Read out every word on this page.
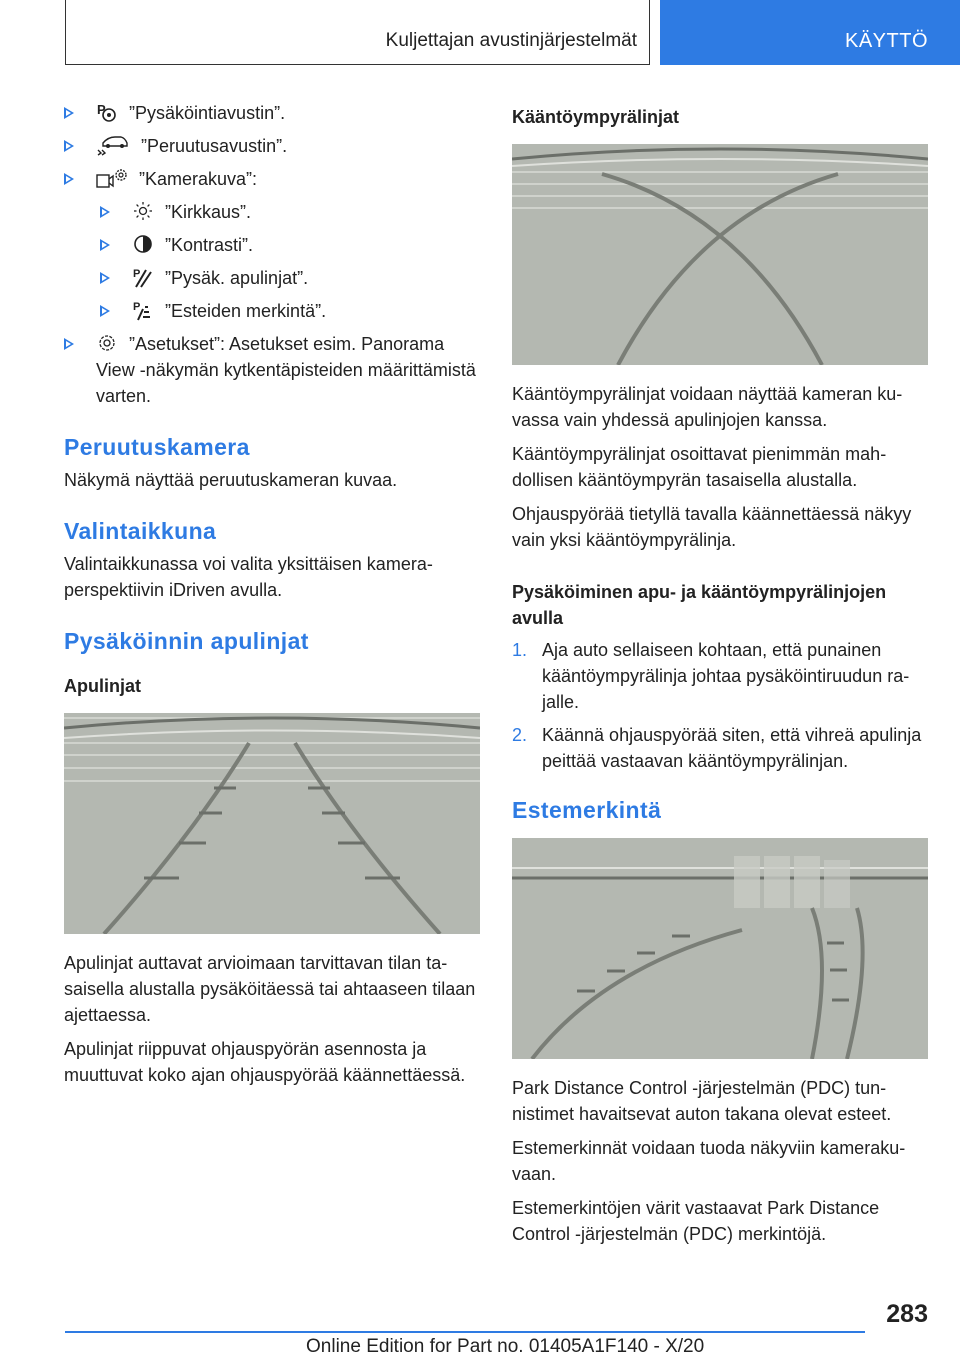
Kuljettajan avustinjärjestelmät	KÄYTTÖ
P ”Pysäköintiavustin”.
”Peruutusavustin”.
”Kamerakuva”:
”Kirkkaus”.
”Kontrasti”.
P ”Pysäk. apulinjat”.
P ”Esteiden merkintä”.
”Asetukset”: Asetukset esim. Panorama View -näkymän kytkentäpisteiden määrittämistä varten.
Peruutuskamera

Näkymä näyttää peruutuskameran kuvaa.

Valintaikkuna

Valintaikkunassa voi valita yksittäisen kameraperspektiivin iDriven avulla.

Pysäköinnin apulinjat
Apulinjat

Apulinjat auttavat arvioimaan tarvittavan tilan tasaisella alustalla pysäköitäessä tai ahtaaseen tilaan ajettaessa.

Apulinjat riippuvat ohjauspyörän asennosta ja muuttuvat koko ajan ohjauspyörää käännettäessä.

Kääntöympyrälinjat

Kääntöympyrälinjat voidaan näyttää kameran kuvassa vain yhdessä apulinjojen kanssa.

Kääntöympyrälinjat osoittavat pienimmän mahdollisen kääntöympyrän tasaisella alustalla.

Ohjauspyörää tietyllä tavalla käännettäessä näkyy vain yksi kääntöympyrälinja.

Pysäköiminen apu- ja kääntöympyrälinjojen avulla
1. Aja auto sellaiseen kohtaan, että punainen kääntöympyrälinja johtaa pysäköintiruudun rajalle.
2. Käännä ohjauspyörää siten, että vihreä apulinja peittää vastaavan kääntöympyrälinjan.
Estemerkintä

Park Distance Control -järjestelmän (PDC) tunnistimet havaitsevat auton takana olevat esteet.

Estemerkinnät voidaan tuoda näkyviin kamerakuvaan.

Estemerkintöjen värit vastaavat Park Distance Control -järjestelmän (PDC) merkintöjä.

283
Online Edition for Part no. 01405A1F140 - X/20
